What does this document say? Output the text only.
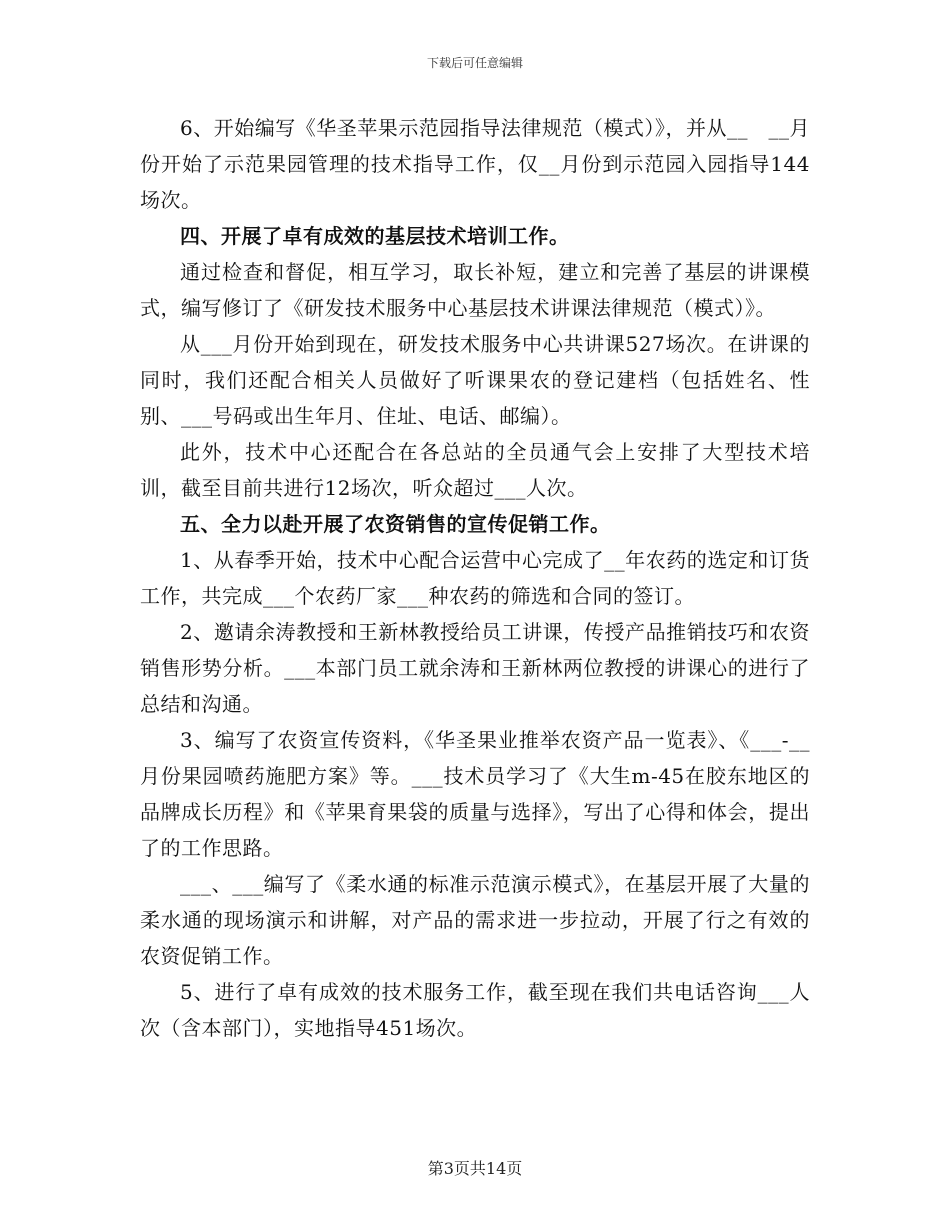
下载后可任意编辑

6、开始编写《华圣苹果示范园指导法律规范（模式）》，并从__　__月份开始了示范果园管理的技术指导工作，仅__月份到示范园入园指导144场次。

四、开展了卓有成效的基层技术培训工作。

通过检查和督促，相互学习，取长补短，建立和完善了基层的讲课模式，编写修订了《研发技术服务中心基层技术讲课法律规范（模式）》。

从___月份开始到现在，研发技术服务中心共讲课527场次。在讲课的同时，我们还配合相关人员做好了听课果农的登记建档（包括姓名、性别、___号码或出生年月、住址、电话、邮编）。

此外，技术中心还配合在各总站的全员通气会上安排了大型技术培训，截至目前共进行12场次，听众超过___人次。

五、全力以赴开展了农资销售的宣传促销工作。

1、从春季开始，技术中心配合运营中心完成了__年农药的选定和订货工作，共完成___个农药厂家___种农药的筛选和合同的签订。

2、邀请余涛教授和王新林教授给员工讲课，传授产品推销技巧和农资销售形势分析。___本部门员工就余涛和王新林两位教授的讲课心的进行了总结和沟通。

3、编写了农资宣传资料，《华圣果业推举农资产品一览表》、《___-__月份果园喷药施肥方案》等。___技术员学习了《大生m-45在胶东地区的品牌成长历程》和《苹果育果袋的质量与选择》，写出了心得和体会，提出了的工作思路。

___、___编写了《柔水通的标准示范演示模式》，在基层开展了大量的柔水通的现场演示和讲解，对产品的需求进一步拉动，开展了行之有效的农资促销工作。

5、进行了卓有成效的技术服务工作，截至现在我们共电话咨询___人次（含本部门），实地指导451场次。

第3页共14页
